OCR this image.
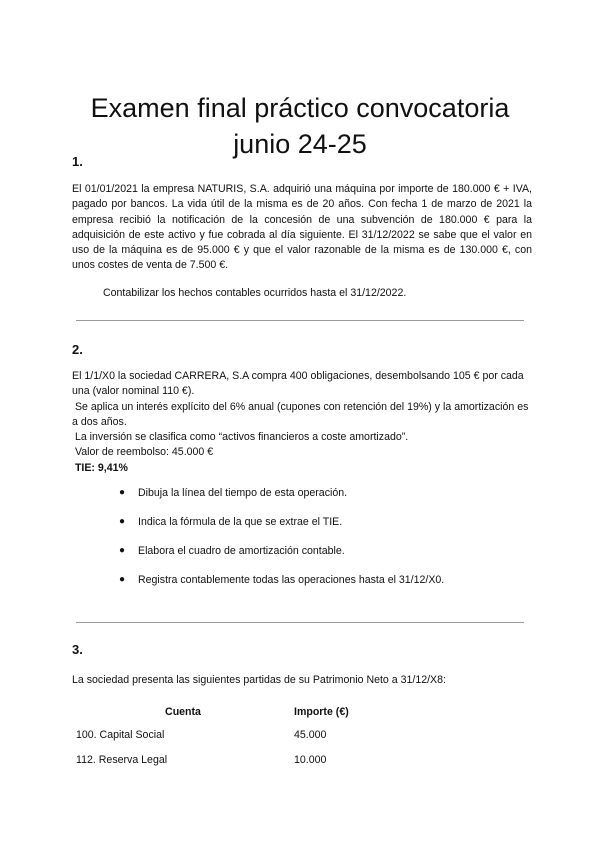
Examen final práctico convocatoria junio 24-25
1.

El 01/01/2021 la empresa NATURIS, S.A. adquirió una máquina por importe de 180.000 € + IVA, pagado por bancos. La vida útil de la misma es de 20 años. Con fecha 1 de marzo de 2021 la empresa recibió la notificación de la concesión de una subvención de 180.000 € para la adquisición de este activo y fue cobrada al día siguiente. El 31/12/2022 se sabe que el valor en uso de la máquina es de 95.000 € y que el valor razonable de la misma es de 130.000 €, con unos costes de venta de 7.500 €.

Contabilizar los hechos contables ocurridos hasta el 31/12/2022.
2.

El 1/1/X0 la sociedad CARRERA, S.A compra 400 obligaciones, desembolsando 105 € por cada una (valor nominal 110 €).

Se aplica un interés explícito del 6% anual (cupones con retención del 19%) y la amortización es a dos años.

La inversión se clasifica como “activos financieros a coste amortizado”.

Valor de reembolso: 45.000 €

TIE: 9,41%

● Dibuja la línea del tiempo de esta operación.
● Indica la fórmula de la que se extrae el TIE.
● Elabora el cuadro de amortización contable.
● Registra contablemente todas las operaciones hasta el 31/12/X0.
3.
La sociedad presenta las siguientes partidas de su Patrimonio Neto a 31/12/X8:
Cuenta	Importe (€)
100. Capital Social	45.000
112. Reserva Legal	10.000
